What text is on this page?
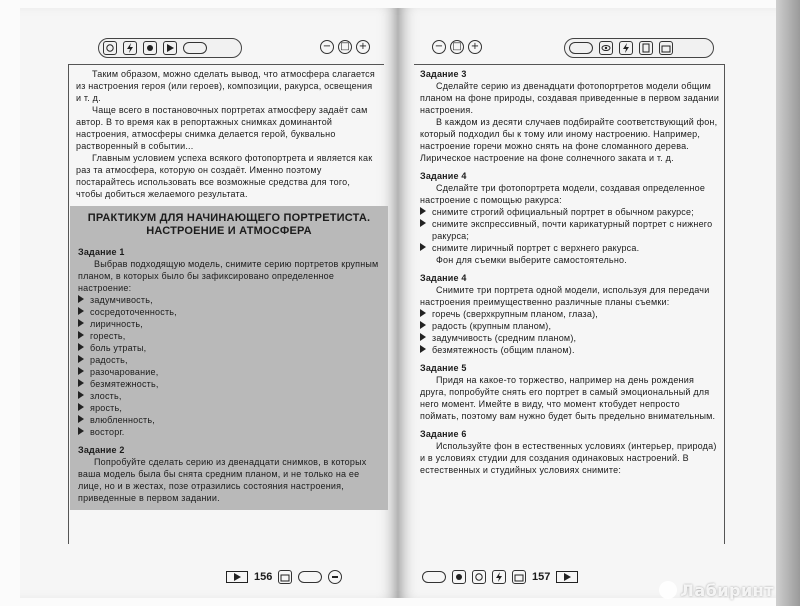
− □ +

Таким образом, можно сделать вывод, что атмосфера слагается из настроения героя (или героев), композиции, ракурса, освещения и т. д.

Чаще всего в постановочных портретах атмосферу задаёт сам автор. В то время как в репортажных снимках доминантой настроения, атмосферы снимка делается герой, буквально растворенный в событии...

Главным условием успеха всякого фотопортрета и является как раз та атмосфера, которую он создаёт. Именно поэтому постарайтесь использовать все возможные средства для того, чтобы добиться желаемого результата.

ПРАКТИКУМ ДЛЯ НАЧИНАЮЩЕГО ПОРТРЕТИСТА. НАСТРОЕНИЕ И АТМОСФЕРА
Задание 1

Выбрав подходящую модель, снимите серию портретов крупным планом, в которых было бы зафиксировано определенное настроение:

задумчивость,
сосредоточенность,
лиричность,
горесть,
боль утраты,
радость,
разочарование,
безмятежность,
злость,
ярость,
влюбленность,
восторг.
Задание 2

Попробуйте сделать серию из двенадцати снимков, в которых ваша модель была бы снята средним планом, и не только на ее лице, но и в жестах, позе отразились состояния настроения, приведенные в первом задании.

156
− □ +
Задание 3

Сделайте серию из двенадцати фотопортретов модели общим планом на фоне природы, создавая приведенные в первом задании настроения.

В каждом из десяти случаев подбирайте соответствующий фон, который подходил бы к тому или иному настроению. Например, настроение горечи можно снять на фоне сломанного дерева. Лирическое настроение на фоне солнечного заката и т. д.

Задание 4

Сделайте три фотопортрета модели, создавая определенное настроение с помощью ракурса:

снимите строгий официальный портрет в обычном ракурсе;
снимите экспрессивный, почти карикатурный портрет с нижнего ракурса;
снимите лиричный портрет с верхнего ракурса.

Фон для съемки выберите самостоятельно.

Задание 4

Снимите три портрета одной модели, используя для передачи настроения преимущественно различные планы съемки:

горечь (сверхкрупным планом, глаза),
радость (крупным планом),
задумчивость (средним планом),
безмятежность (общим планом).
Задание 5

Придя на какое-то торжество, например на день рождения друга, попробуйте снять его портрет в самый эмоциональный для него момент. Имейте в виду, что момент ктобудет непросто поймать, поэтому вам нужно будет быть предельно внимательным.

Задание 6

Используйте фон в естественных условиях (интерьер, природа) и в условиях студии для создания одинаковых настроений. В естественных и студийных условиях снимите:

157
Лабиринт
